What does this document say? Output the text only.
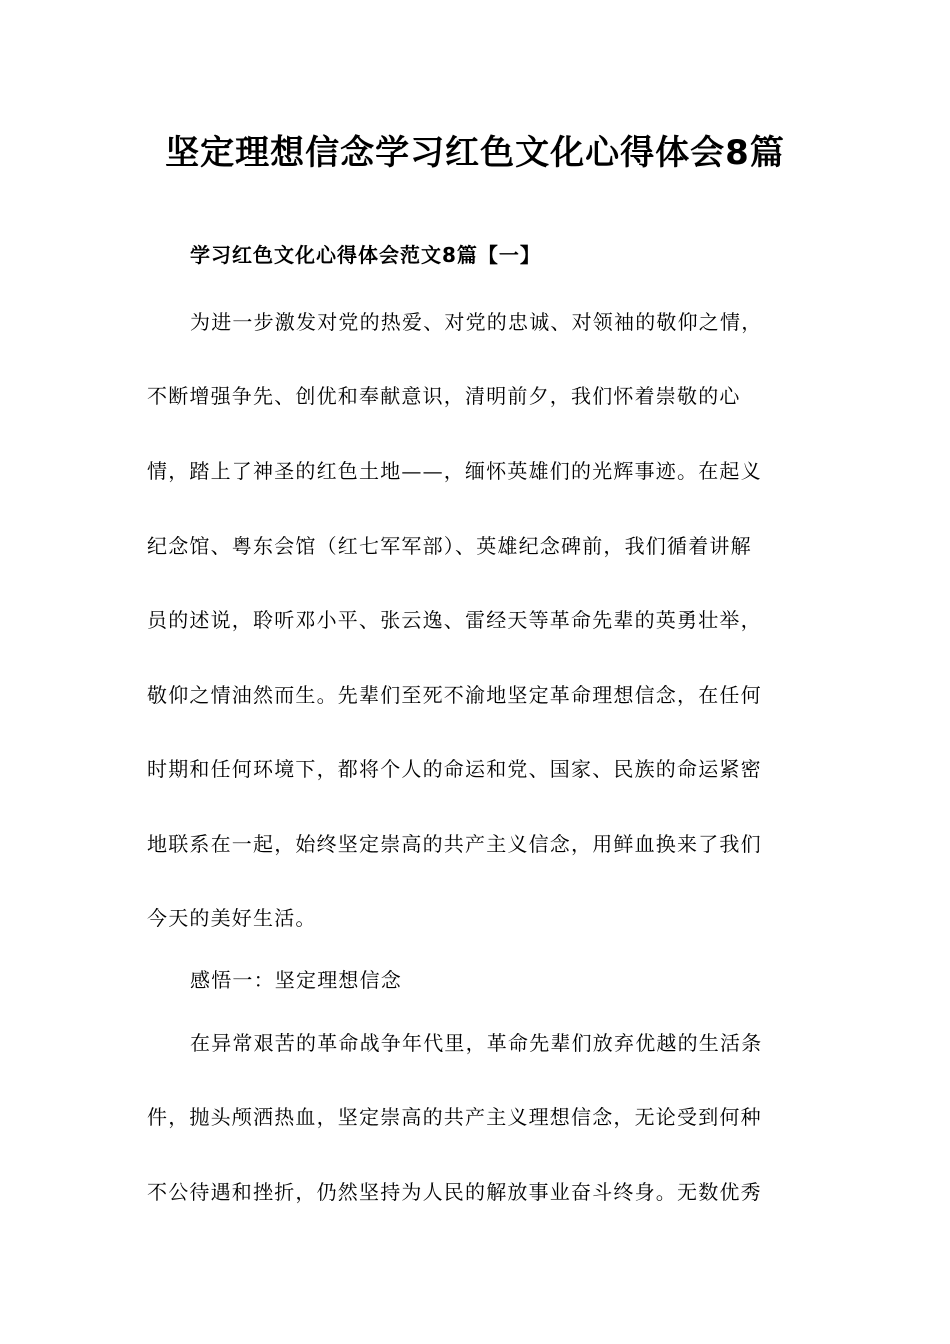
坚定理想信念学习红色文化心得体会8篇
学习红色文化心得体会范文8篇【一】
为进一步激发对党的热爱、对党的忠诚、对领袖的敬仰之情，
不断增强争先、创优和奉献意识，清明前夕，我们怀着崇敬的心
情，踏上了神圣的红色土地——，缅怀英雄们的光辉事迹。在起义
纪念馆、粤东会馆（红七军军部）、英雄纪念碑前，我们循着讲解
员的述说，聆听邓小平、张云逸、雷经天等革命先辈的英勇壮举，
敬仰之情油然而生。先辈们至死不渝地坚定革命理想信念，在任何
时期和任何环境下，都将个人的命运和党、国家、民族的命运紧密
地联系在一起，始终坚定崇高的共产主义信念，用鲜血换来了我们
今天的美好生活。
感悟一：坚定理想信念
在异常艰苦的革命战争年代里，革命先辈们放弃优越的生活条
件，抛头颅洒热血，坚定崇高的共产主义理想信念，无论受到何种
不公待遇和挫折，仍然坚持为人民的解放事业奋斗终身。无数优秀
